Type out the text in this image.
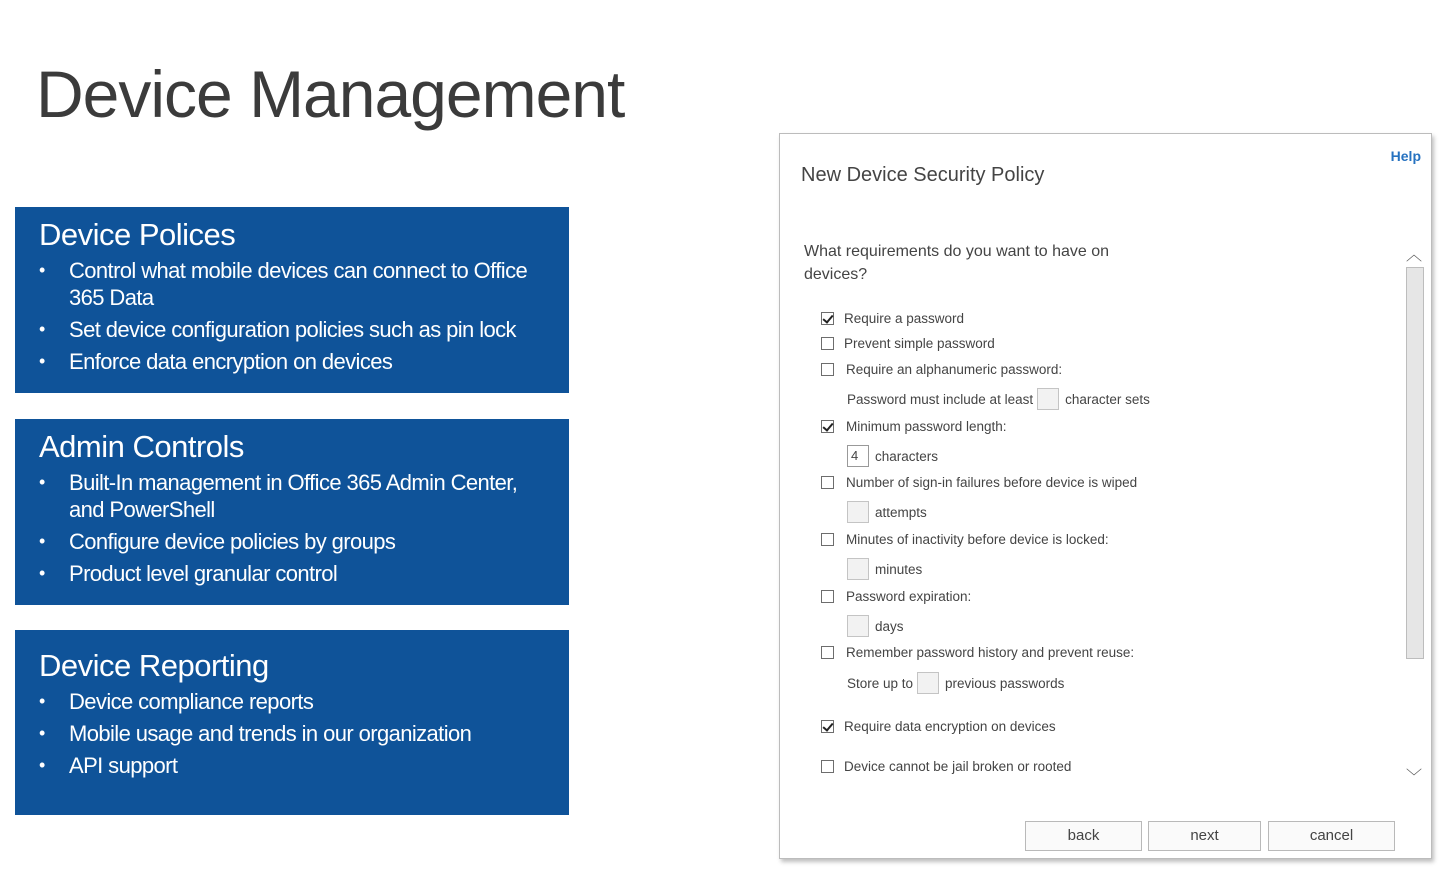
Device Management
Device Polices
• Control what mobile devices can connect to Office 365 Data
• Set device configuration policies such as pin lock
• Enforce data encryption on devices
Admin Controls
• Built-In management in Office 365 Admin Center, and PowerShell
• Configure device policies by groups
• Product level granular control
Device Reporting
• Device compliance reports
• Mobile usage and trends in our organization
• API support
Help
New Device Security Policy
What requirements do you want to have on devices?
Require a password
Prevent simple password
Require an alphanumeric password:
Password must include at least character sets
Minimum password length:
4	characters
Number of sign-in failures before device is wiped
attempts
Minutes of inactivity before device is locked:
minutes
Password expiration:
days
Remember password history and prevent reuse:
Store up to previous passwords
Require data encryption on devices
Device cannot be jail broken or rooted
︿
﹀
back	next	cancel
